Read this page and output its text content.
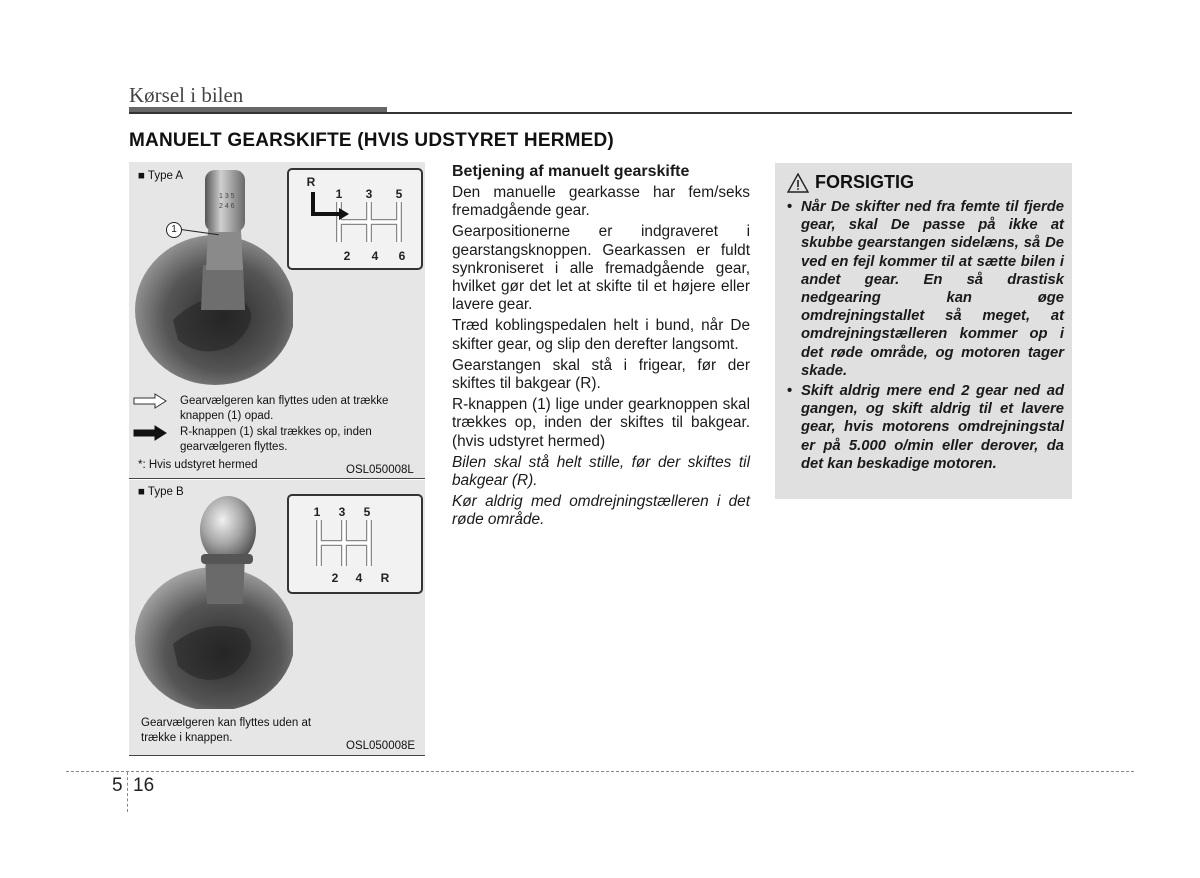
Kørsel i bilen
MANUELT GEARSKIFTE (HVIS UDSTYRET HERMED)
■ Type A
1 3 5
2 4 6
1
R
1 3 5
2 4 6
Gearvælgeren kan flyttes uden at trække knappen (1) opad.
R-knappen (1) skal trækkes op, inden gearvælgeren flyttes.
*: Hvis udstyret hermed	OSL050008L
■ Type B
1 3 5
2 4 R
Gearvælgeren kan flyttes uden at trække i knappen.
OSL050008E
Betjening af manuelt gearskifte

Den manuelle gearkasse har fem/seks fremadgående gear.

Gearpositionerne er indgraveret i gearstangsknoppen. Gearkassen er fuldt synkroniseret i alle fremadgående gear, hvilket gør det let at skifte til et højere eller lavere gear.

Træd koblingspedalen helt i bund, når De skifter gear, og slip den derefter langsomt.

Gearstangen skal stå i frigear, før der skiftes til bakgear (R).

R-knappen (1) lige under gearknoppen skal trækkes op, inden der skiftes til bakgear. (hvis udstyret hermed)

Bilen skal stå helt stille, før der skiftes til bakgear (R).

Kør aldrig med omdrejningstælleren i det røde område.

FORSIGTIG
• Når De skifter ned fra femte til fjerde gear, skal De passe på ikke at skubbe gearstangen sidelæns, så De ved en fejl kommer til at sætte bilen i andet gear. En så drastisk nedgearing kan øge omdrejningstallet så meget, at omdrejningstælleren kommer op i det røde område, og motoren tager skade.
• Skift aldrig mere end 2 gear ned ad gangen, og skift aldrig til et lavere gear, hvis motorens omdrejningstal er på 5.000 o/min eller derover, da det kan beskadige motoren.
5 16
